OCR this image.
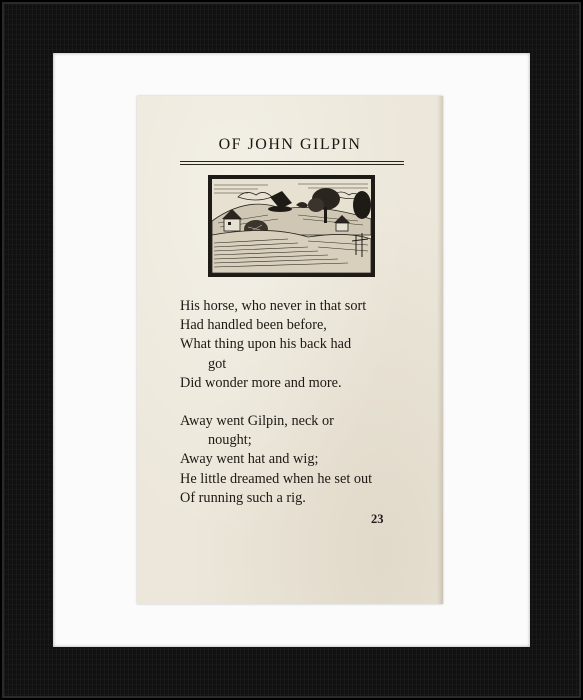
OF JOHN GILPIN
His horse, who never in that sort
Had handled been before,
What thing upon his back had
got
Did wonder more and more.
Away went Gilpin, neck or
nought;
Away went hat and wig;
He little dreamed when he set out
Of running such a rig.
23
